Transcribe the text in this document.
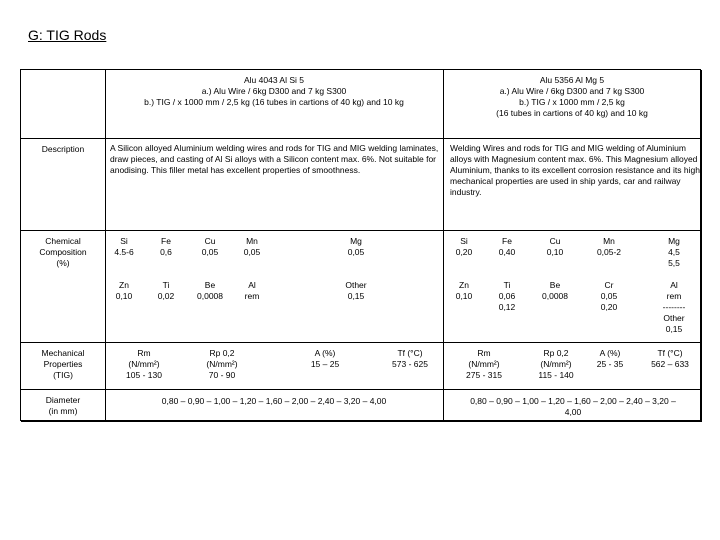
G: TIG Rods
Description
Chemical
Composition
(%)
Mechanical
Properties
(TIG)
Diameter
(in mm)
Alu 4043 Al Si 5
a.) Alu Wire / 6kg D300 and 7 kg S300
b.) TIG / x 1000 mm / 2,5 kg (16 tubes in cartions of 40 kg) and 10 kg
A Silicon alloyed Aluminium welding wires and rods for TIG and MIG welding laminates, draw pieces, and casting of Al Si alloys with a Silicon content max. 6%. Not suitable for anodising. This filler metal has excellent properties of smoothness.
Si
4.5-6
Fe
0,6
Cu
0,05
Mn
0,05
Mg
0,05
Zn
0,10
Ti
0,02
Be
0,0008
Al
rem
Other
0,15
Rm
(N/mm²)
105 - 130
Rp 0,2
(N/mm²)
70 - 90
A (%)
15 – 25
Tf (°C)
573 - 625
0,80 – 0,90 – 1,00 – 1,20 – 1,60 – 2,00 – 2,40 – 3,20 – 4,00
Alu 5356 Al Mg 5
a.) Alu Wire / 6kg D300 and 7 kg S300
b.) TIG / x 1000 mm / 2,5 kg
(16 tubes in cartions of 40 kg) and 10 kg
Welding Wires and rods for TIG and MIG welding of Aluminium alloys with Magnesium content max. 6%. This Magnesium alloyed Aluminium, thanks to its excellent corrosion resistance and its high mechanical properties are used in ship yards, car and railway industry.
Si
0,20
Fe
0,40
Cu
0,10
Mn
0,05-2
Mg
4,5
5,5
Zn
0,10
Ti
0,06
0,12
Be
0,0008
Cr
0,05
0,20
Al
rem
--------
Other
0,15
Rm
(N/mm²)
275 - 315
Rp 0,2
(N/mm²)
115 - 140
A (%)
25 - 35
Tf (°C)
562 – 633
0,80 – 0,90 – 1,00 – 1,20 – 1,60 – 2,00 – 2,40 – 3,20 –
4,00
